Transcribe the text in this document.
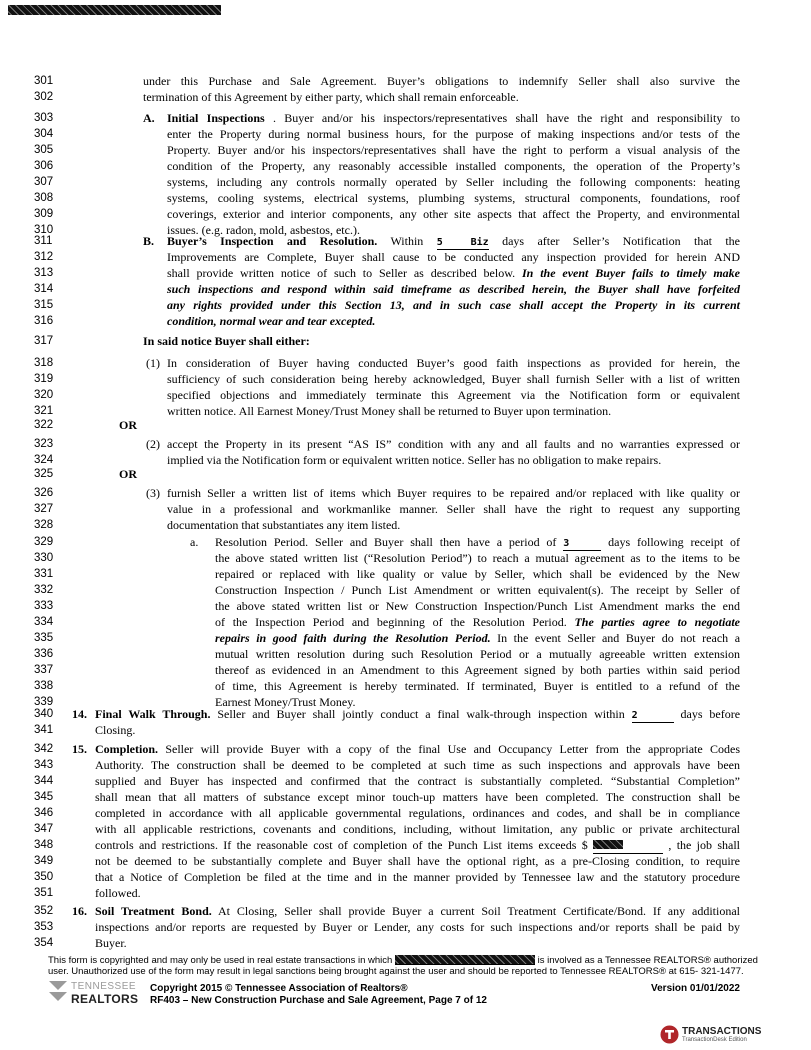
301	under this Purchase and Sale Agreement. Buyer’s obligations to indemnify Seller shall also survive the
302	termination of this Agreement by either party, which shall remain enforceable.
303	A. Initial Inspections . Buyer and/or his inspectors/representatives shall have the right and responsibility to
304	enter the Property during normal business hours, for the purpose of making inspections and/or tests of the
305	Property. Buyer and/or his inspectors/representatives shall have the right to perform a visual analysis of the
306	condition of the Property, any reasonably accessible installed components, the operation of the Property’s
307	systems, including any controls normally operated by Seller including the following components: heating
308	systems, cooling systems, electrical systems, plumbing systems, structural components, foundations, roof
309	coverings, exterior and interior components, any other site aspects that affect the Property, and environmental
310	issues. (e.g. radon, mold, asbestos, etc.).
311	B. Buyer’s Inspection and Resolution. Within 5 Biz days after Seller’s Notification that the
312	Improvements are Complete, Buyer shall cause to be conducted any inspection provided for herein AND
313	shall provide written notice of such to Seller as described below. In the event Buyer fails to timely make
314	such inspections and respond within said timeframe as described herein, the Buyer shall have forfeited
315	any rights provided under this Section 13, and in such case shall accept the Property in its current
316	condition, normal wear and tear excepted.
317	In said notice Buyer shall either:
318	(1) In consideration of Buyer having conducted Buyer’s good faith inspections as provided for herein, the
319	sufficiency of such consideration being hereby acknowledged, Buyer shall furnish Seller with a list of written
320	specified objections and immediately terminate this Agreement via the Notification form or equivalent
321	written notice. All Earnest Money/Trust Money shall be returned to Buyer upon termination.
322	OR
323	(2) accept the Property in its present “AS IS” condition with any and all faults and no warranties expressed or
324	implied via the Notification form or equivalent written notice. Seller has no obligation to make repairs.
325	OR
326	(3) furnish Seller a written list of items which Buyer requires to be repaired and/or replaced with like quality or
327	value in a professional and workmanlike manner. Seller shall have the right to request any supporting
328	documentation that substantiates any item listed.
329	a. Resolution Period. Seller and Buyer shall then have a period of 3	days following receipt of
330	the above stated written list (“Resolution Period”) to reach a mutual agreement as to the items to be
331	repaired or replaced with like quality or value by Seller, which shall be evidenced by the New
332	Construction Inspection / Punch List Amendment or written equivalent(s). The receipt by Seller of
333	the above stated written list or New Construction Inspection/Punch List Amendment marks the end
334	of the Inspection Period and beginning of the Resolution Period. The parties agree to negotiate
335	repairs in good faith during the Resolution Period. In the event Seller and Buyer do not reach a
336	mutual written resolution during such Resolution Period or a mutually agreeable written extension
337	thereof as evidenced in an Amendment to this Agreement signed by both parties within said period
338	of time, this Agreement is hereby terminated. If terminated, Buyer is entitled to a refund of the
339	Earnest Money/Trust Money.
340	14. Final Walk Through. Seller and Buyer shall jointly conduct a final walk-through inspection within 2	days before
341	Closing.
342	15. Completion. Seller will provide Buyer with a copy of the final Use and Occupancy Letter from the appropriate Codes
343	Authority. The construction shall be deemed to be completed at such time as such inspections and approvals have been
344	supplied and Buyer has inspected and confirmed that the contract is substantially completed. “Substantial Completion”
345	shall mean that all matters of substance except minor touch-up matters have been completed. The construction shall be
346	completed in accordance with all applicable governmental regulations, ordinances and codes, and shall be in compliance
347	with all applicable restrictions, covenants and conditions, including, without limitation, any public or private architectural
348	controls and restrictions. If the reasonable cost of completion of the Punch List items exceeds $	, the job shall
349	not be deemed to be substantially complete and Buyer shall have the optional right, as a pre-Closing condition, to require
350	that a Notice of Completion be filed at the time and in the manner provided by Tennessee law and the statutory procedure
351	followed.
352	16. Soil Treatment Bond. At Closing, Seller shall provide Buyer a current Soil Treatment Certificate/Bond. If any additional
353	inspections and/or reports are requested by Buyer or Lender, any costs for such inspections and/or reports shall be paid by
354	Buyer.
This form is copyrighted and may only be used in real estate transactions in which	is involved as a Tennessee REALTORS® authorized
user. Unauthorized use of the form may result in legal sanctions being brought against the user and should be reported to Tennessee REALTORS® at 615- 321-1477.
TENNESSEE
REALTORS
Copyright 2015 © Tennessee Association of Realtors®
RF403 – New Construction Purchase and Sale Agreement, Page 7 of 12
Version 01/01/2022
TRANSACTIONS
TransactionDesk Edition
